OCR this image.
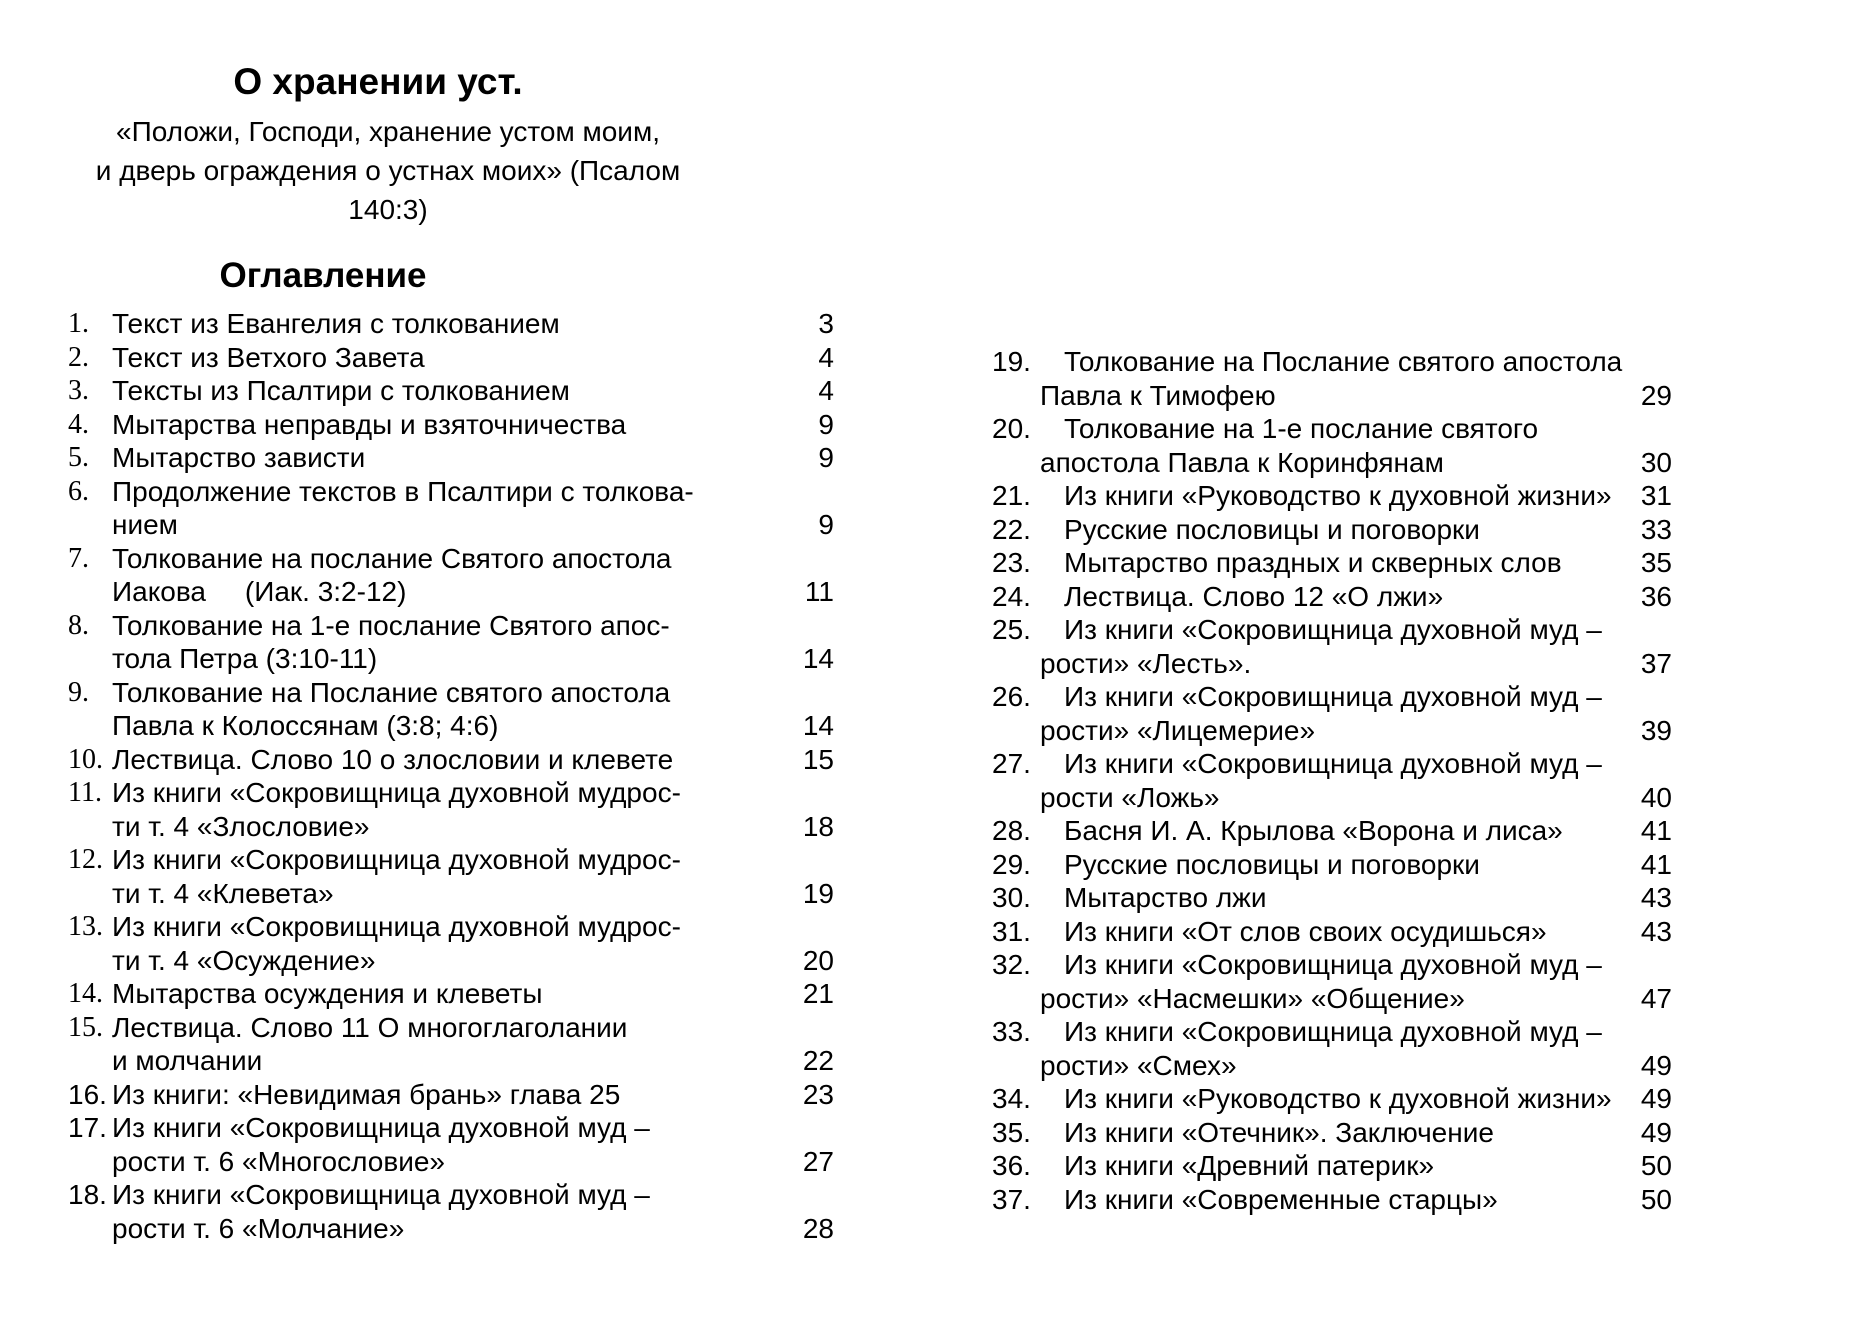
О хранении уст.
«Положи, Господи, хранение устом моим,
и дверь ограждения о устнах моих» (Псалом 140:3)
Оглавление
1. Текст из Евангелия с толкованием	3
2. Текст из Ветхого Завета	4
3. Тексты из Псалтири с толкованием	4
4. Мытарства неправды и взяточничества	9
5. Мытарство зависти	9
6. Продолжение текстов в Псалтири с толкова-
нием	9
7. Толкование на послание Святого апостола
Иакова     (Иак. 3:2-12)	11
8. Толкование на 1-е послание Святого апос-
тола Петра (3:10-11)	14
9. Толкование на Послание святого апостола
Павла к Колоссянам (3:8; 4:6)	14
10. Лествица. Слово 10 о злословии и клевете	15
11. Из книги «Сокровищница духовной мудрос-
ти т. 4 «Злословие»	18
12. Из книги «Сокровищница духовной мудрос-
ти т. 4 «Клевета»	19
13. Из книги «Сокровищница духовной мудрос-
ти т. 4 «Осуждение»	20
14. Мытарства осуждения и клеветы	21
15. Лествица. Слово 11 О многоглаголании
и молчании	22
16. Из книги: «Невидимая брань» глава 25	23
17. Из книги «Сокровищница духовной муд –
рости т. 6 «Многословие»	27
18. Из книги «Сокровищница духовной муд –
рости т. 6 «Молчание»	28
19.	Толкование на Послание святого апостола
Павла к Тимофею	29
20.	Толкование на 1-е послание святого
апостола Павла к Коринфянам	30
21.	Из книги «Руководство к духовной жизни» 31
22.	Русские пословицы и поговорки	33
23.	Мытарство праздных и скверных слов	35
24.	Лествица. Слово 12 «О лжи»	36
25.	Из книги «Сокровищница духовной муд –
рости» «Лесть».	37
26.	Из книги «Сокровищница духовной муд –
рости» «Лицемерие»	39
27.	Из книги «Сокровищница духовной муд –
рости «Ложь»	40
28.	Басня И. А. Крылова «Ворона и лиса»	41
29.	Русские пословицы и поговорки	41
30.	Мытарство лжи	43
31.	Из книги «От слов своих осудишься»	43
32.	Из книги «Сокровищница духовной муд –
рости» «Насмешки» «Общение»	47
33.	Из книги «Сокровищница духовной муд –
рости» «Смех»	49
34.	Из книги «Руководство к духовной жизни» 49
35.	Из книги «Отечник». Заключение	49
36.	Из книги «Древний патерик»	50
37.	Из книги «Современные старцы»	50
